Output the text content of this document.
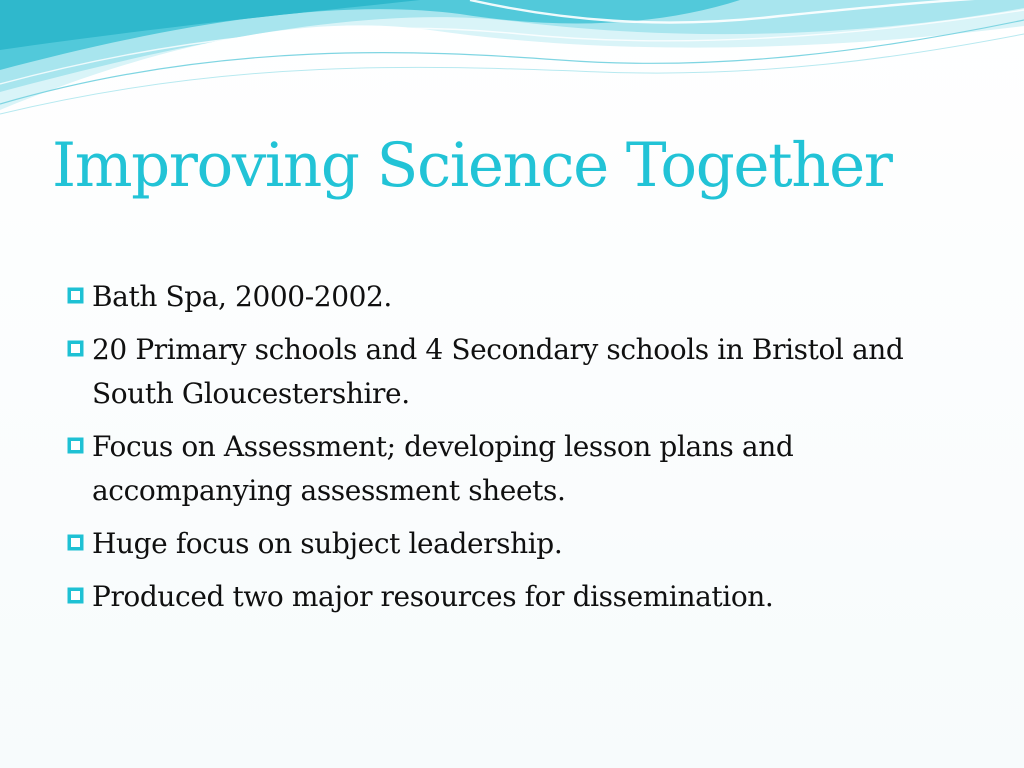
Improving Science Together
Bath Spa, 2000-2002.
20 Primary schools and 4 Secondary schools in Bristol and South Gloucestershire.
Focus on Assessment; developing lesson plans and accompanying assessment sheets.
Huge focus on subject leadership.
Produced two major resources for dissemination.
